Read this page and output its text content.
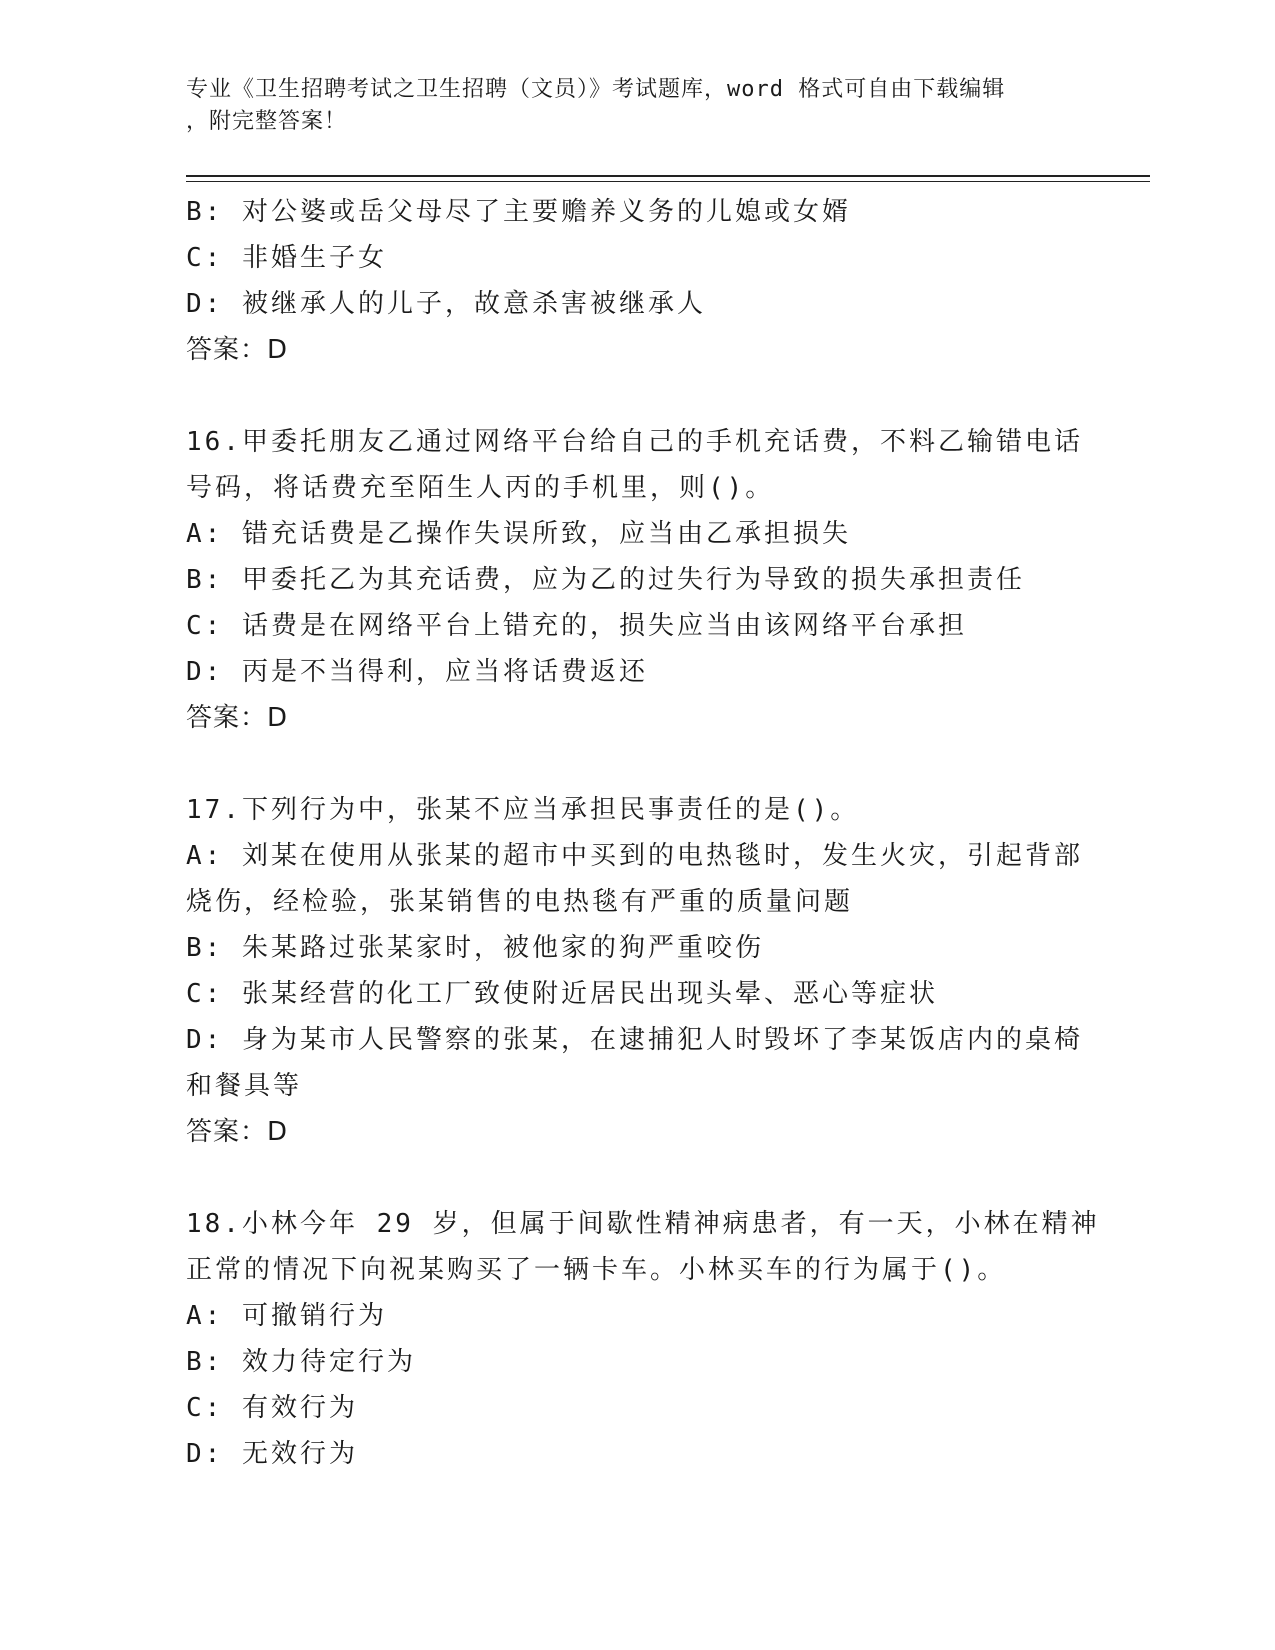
专业《卫生招聘考试之卫生招聘（文员）》考试题库，word 格式可自由下载编辑
，附完整答案！
B: 对公婆或岳父母尽了主要赡养义务的儿媳或女婿
C: 非婚生子女
D: 被继承人的儿子，故意杀害被继承人
答案：D
16.甲委托朋友乙通过网络平台给自己的手机充话费，不料乙输错电话
号码，将话费充至陌生人丙的手机里，则()。
A: 错充话费是乙操作失误所致，应当由乙承担损失
B: 甲委托乙为其充话费，应为乙的过失行为导致的损失承担责任
C: 话费是在网络平台上错充的，损失应当由该网络平台承担
D: 丙是不当得利，应当将话费返还
答案：D
17.下列行为中，张某不应当承担民事责任的是()。
A: 刘某在使用从张某的超市中买到的电热毯时，发生火灾，引起背部
烧伤，经检验，张某销售的电热毯有严重的质量问题
B: 朱某路过张某家时，被他家的狗严重咬伤
C: 张某经营的化工厂致使附近居民出现头晕、恶心等症状
D: 身为某市人民警察的张某，在逮捕犯人时毁坏了李某饭店内的桌椅
和餐具等
答案：D
18.小林今年 29 岁，但属于间歇性精神病患者，有一天，小林在精神
正常的情况下向祝某购买了一辆卡车。小林买车的行为属于()。
A: 可撤销行为
B: 效力待定行为
C: 有效行为
D: 无效行为
